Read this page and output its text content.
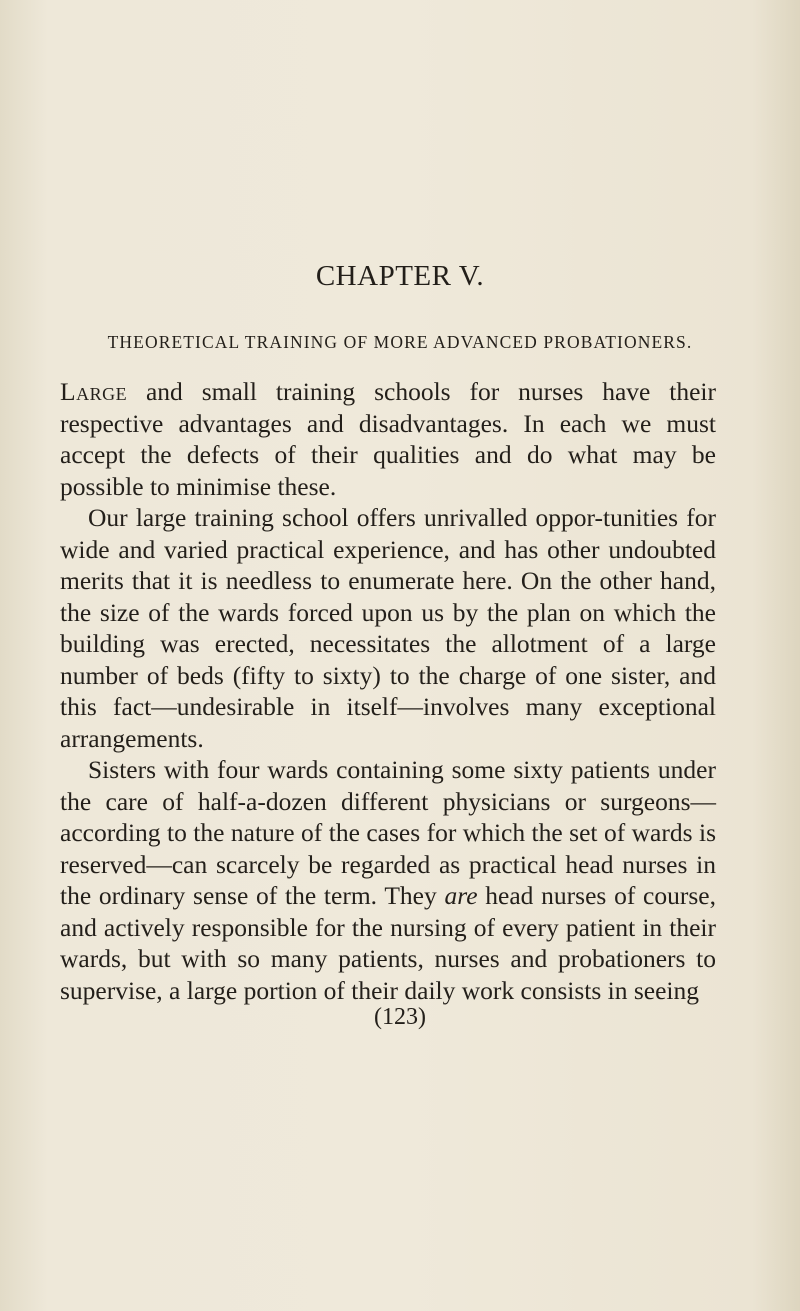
CHAPTER V.
THEORETICAL TRAINING OF MORE ADVANCED PROBATIONERS.

Large and small training schools for nurses have their respective advantages and disadvantages. In each we must accept the defects of their qualities and do what may be possible to minimise these.

Our large training school offers unrivalled oppor-tunities for wide and varied practical experience, and has other undoubted merits that it is needless to enumerate here. On the other hand, the size of the wards forced upon us by the plan on which the building was erected, necessitates the allotment of a large number of beds (fifty to sixty) to the charge of one sister, and this fact—undesirable in itself—involves many exceptional arrangements.

Sisters with four wards containing some sixty patients under the care of half-a-dozen different physicians or surgeons—according to the nature of the cases for which the set of wards is reserved—can scarcely be regarded as practical head nurses in the ordinary sense of the term. They are head nurses of course, and actively responsible for the nursing of every patient in their wards, but with so many patients, nurses and probationers to supervise, a large portion of their daily work consists in seeing

(123)
